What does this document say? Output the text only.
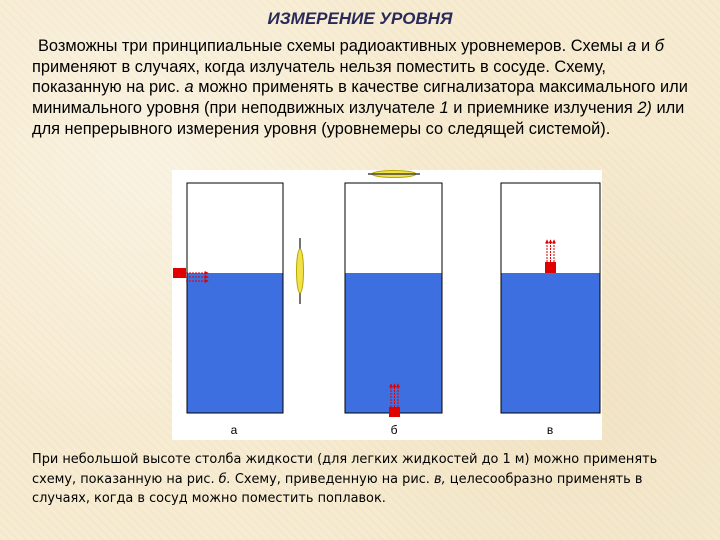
ИЗМЕРЕНИЕ УРОВНЯ
Возможны три принципиальные схемы радиоактивных уровнемеров. Схемы а и б применяют в случаях, когда излучатель нельзя поместить в сосуде. Схему, показанную на рис. а можно применять в качестве сигнализатора максимального или минимального уровня (при неподвижных излучателе 1 и приемнике излучения 2) или для непрерывного измерения уровня (уровнемеры со следящей системой).
а	б	в
При небольшой высоте столба жидкости (для легких жидкостей до 1 м) можно применять схему, показанную на рис. б. Схему, приведенную на рис. в, целесообразно применять в случаях, когда в сосуд можно поместить поплавок.
